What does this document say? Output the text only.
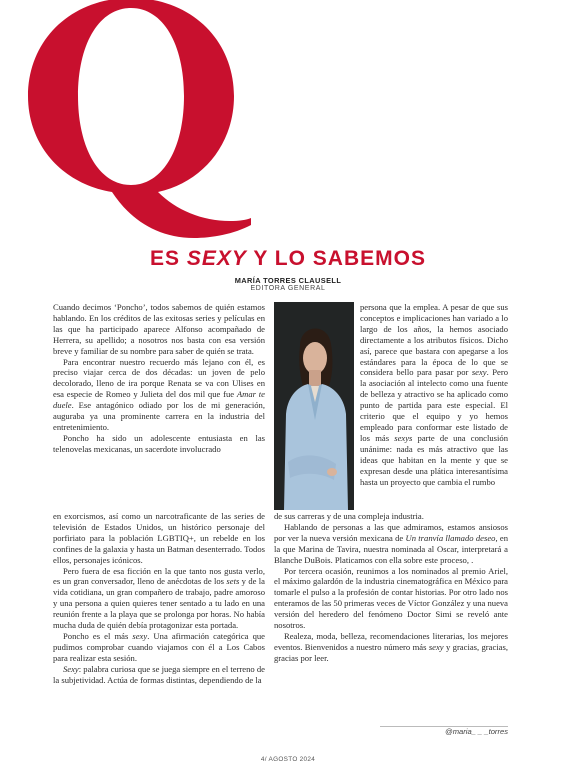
ES SEXY Y LO SABEMOS
MARÍA TORRES CLAUSELL
EDITORA GENERAL

Cuando decimos ‘Poncho’, todos sabemos de quién estamos hablando. En los créditos de las exitosas series y películas en las que ha participado aparece Alfonso acompañado de Herrera, su apellido; a nosotros nos basta con esa versión breve y familiar de su nombre para saber de quién se trata.

Para encontrar nuestro recuerdo más lejano con él, es preciso viajar cerca de dos décadas: un joven de pelo decolorado, lleno de ira porque Renata se va con Ulises en esa especie de Romeo y Julieta del dos mil que fue Amar te duele. Ese antagónico odiado por los de mi generación, auguraba ya una prominente carrera en la industria del entretenimiento.

Poncho ha sido un adolescente entusiasta en las telenovelas mexicanas, un sacerdote involucrado

persona que la emplea. A pesar de que sus conceptos e implicaciones han variado a lo largo de los años, la hemos asociado directamente a los atributos físicos. Dicho así, parece que bastara con apegarse a los estándares para la época de lo que se considera bello para pasar por sexy. Pero la asociación al intelecto como una fuente de belleza y atractivo se ha aplicado como punto de partida para este especial. El criterio que el equipo y yo hemos empleado para conformar este listado de los más sexys parte de una conclusión unánime: nada es más atractivo que las ideas que habitan en la mente y que se expresan desde una plática interesantísima hasta un proyecto que cambia el rumbo

en exorcismos, así como un narcotraficante de las series de televisión de Estados Unidos, un histórico personaje del porfiriato para la población LGBTIQ+, un rebelde en los confines de la galaxia y hasta un Batman desenterrado. Todos ellos, personajes icónicos.

Pero fuera de esa ficción en la que tanto nos gusta verlo, es un gran conversador, lleno de anécdotas de los sets y de la vida cotidiana, un gran compañero de trabajo, padre amoroso y una persona a quien quieres tener sentado a tu lado en una reunión frente a la playa que se prolonga por horas. No había mucha duda de quién debía protagonizar esta portada.

Poncho es el más sexy. Una afirmación categórica que pudimos comprobar cuando viajamos con él a Los Cabos para realizar esta sesión.

Sexy: palabra curiosa que se juega siempre en el terreno de la subjetividad. Actúa de formas distintas, dependiendo de la

de sus carreras y de una compleja industria.

Hablando de personas a las que admiramos, estamos ansiosos por ver la nueva versión mexicana de Un tranvía llamado deseo, en la que Marina de Tavira, nuestra nominada al Oscar, interpretará a Blanche DuBois. Platicamos con ella sobre este proceso, .

Por tercera ocasión, reunimos a los nominados al premio Ariel, el máximo galardón de la industria cinematográfica en México para tomarle el pulso a la profesión de contar historias. Por otro lado nos enteramos de las 50 primeras veces de Víctor González y una nueva versión del heredero del fenómeno Doctor Simi se reveló ante nosotros.

Realeza, moda, belleza, recomendaciones literarias, los mejores eventos. Bienvenidos a nuestro número más sexy y gracias, gracias, gracias por leer.

@maria_ _ _torres
4/ AGOSTO 2024
